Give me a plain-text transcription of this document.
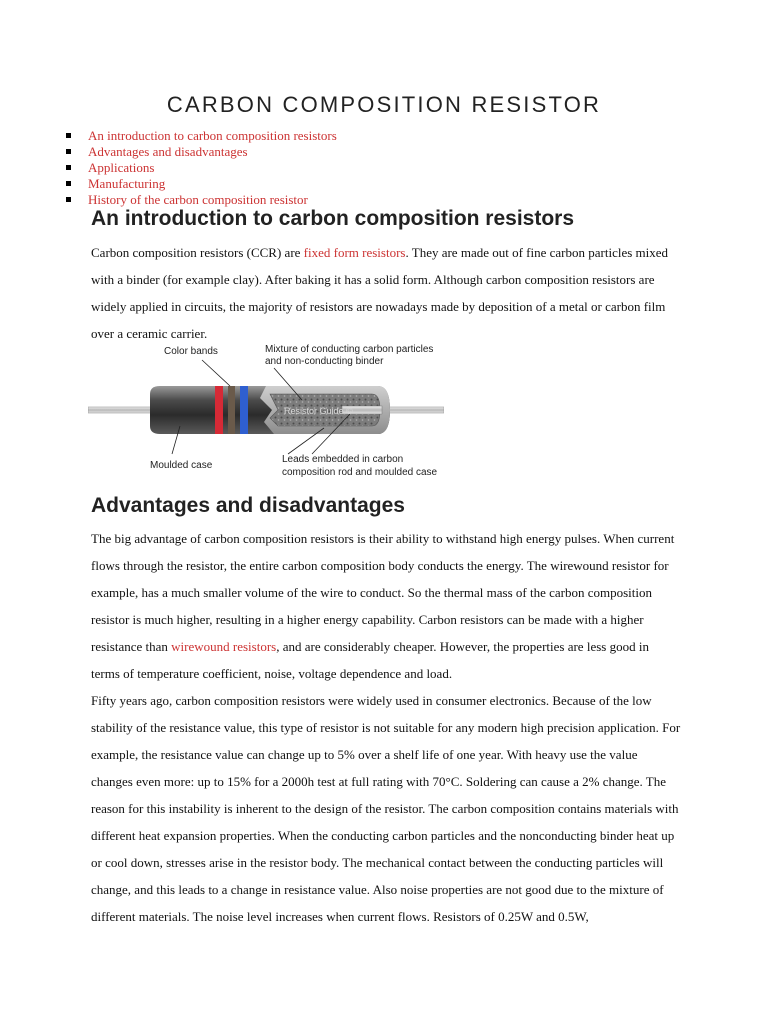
CARBON COMPOSITION RESISTOR
An introduction to carbon composition resistors
Advantages and disadvantages
Applications
Manufacturing
History of the carbon composition resistor
An introduction to carbon composition resistors

Carbon composition resistors (CCR) are fixed form resistors. They are made out of fine carbon particles mixed with a binder (for example clay). After baking it has a solid form. Although carbon composition resistors are widely applied in circuits, the majority of resistors are nowadays made by deposition of a metal or carbon film over a ceramic carrier.

Resistor Guide ©
Color bands	Mixture of conducting carbon particles
and non-conducting binder
Moulded case
Leads embedded in carbon
composition rod and moulded case
Advantages and disadvantages

The big advantage of carbon composition resistors is their ability to withstand high energy pulses. When current flows through the resistor, the entire carbon composition body conducts the energy. The wirewound resistor for example, has a much smaller volume of the wire to conduct. So the thermal mass of the carbon composition resistor is much higher, resulting in a higher energy capability. Carbon resistors can be made with a higher resistance than wirewound resistors, and are considerably cheaper. However, the properties are less good in terms of temperature coefficient, noise, voltage dependence and load.

Fifty years ago, carbon composition resistors were widely used in consumer electronics. Because of the low stability of the resistance value, this type of resistor is not suitable for any modern high precision application. For example, the resistance value can change up to 5% over a shelf life of one year. With heavy use the value changes even more: up to 15% for a 2000h test at full rating with 70°C. Soldering can cause a 2% change. The reason for this instability is inherent to the design of the resistor. The carbon composition contains materials with different heat expansion properties. When the conducting carbon particles and the nonconducting binder heat up or cool down, stresses arise in the resistor body. The mechanical contact between the conducting particles will change, and this leads to a change in resistance value. Also noise properties are not good due to the mixture of different materials. The noise level increases when current flows. Resistors of 0.25W and 0.5W,
